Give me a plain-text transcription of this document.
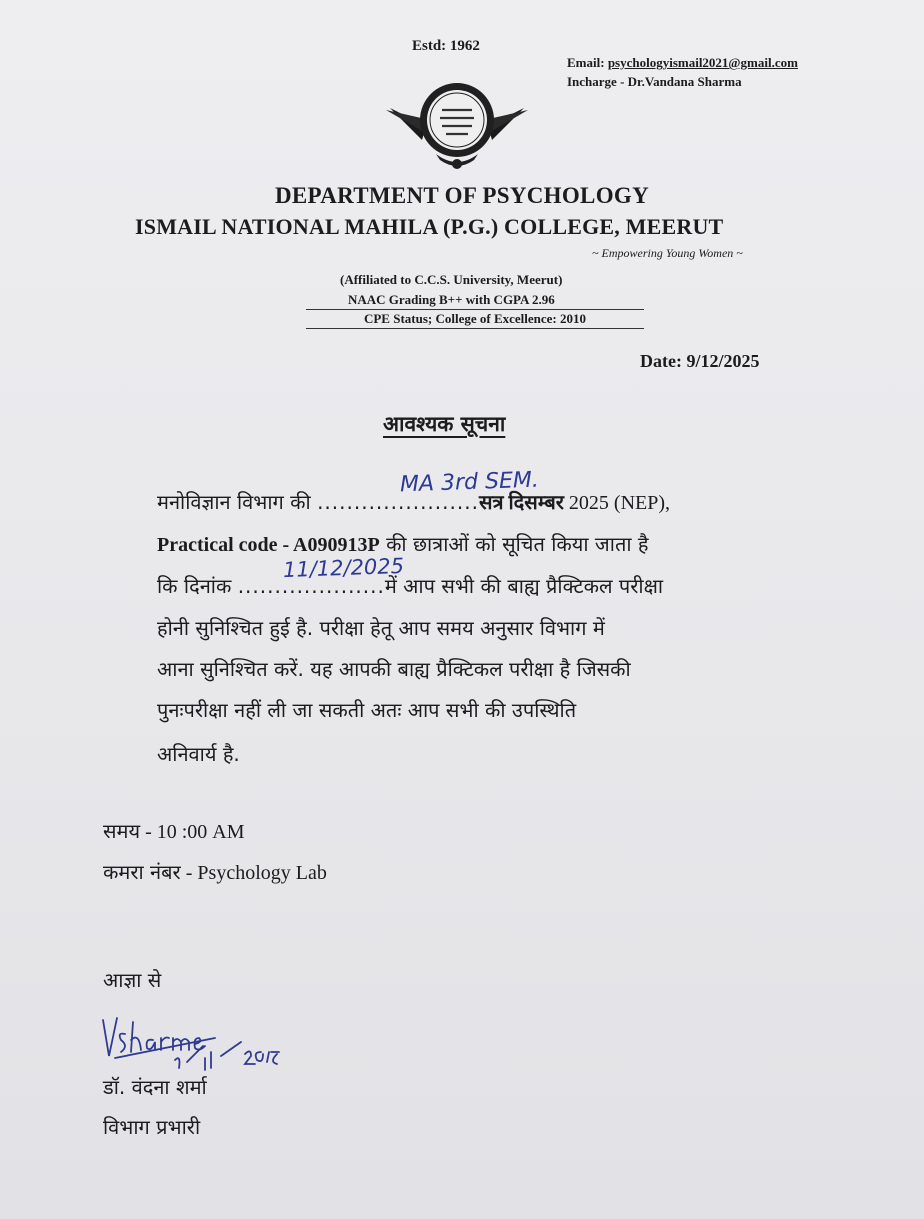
Estd: 1962
Email: psychologyismail2021@gmail.com
Incharge - Dr.Vandana Sharma
DEPARTMENT OF PSYCHOLOGY
ISMAIL NATIONAL MAHILA (P.G.) COLLEGE, MEERUT
~ Empowering Young Women ~
(Affiliated to C.C.S. University, Meerut)
NAAC Grading B++ with CGPA 2.96
CPE Status; College of Excellence: 2010
Date: 9/12/2025
आवश्यक सूचना
मनोविज्ञान विभाग की ......................सत्र दिसम्बर 2025 (NEP),
MA 3rd SEM.
Practical code - A090913P की छात्राओं को सूचित किया जाता है
कि दिनांक ....................में आप सभी की बाह्य प्रैक्टिकल परीक्षा
11/12/2025
होनी सुनिश्चित हुई है. परीक्षा हेतू आप समय अनुसार विभाग में
आना सुनिश्चित करें. यह आपकी बाह्य प्रैक्टिकल परीक्षा है जिसकी
पुनःपरीक्षा नहीं ली जा सकती अतः आप सभी की उपस्थिति
अनिवार्य है.
समय - 10 :00 AM
कमरा नंबर - Psychology Lab
आज्ञा से
डॉ. वंदना शर्मा
विभाग प्रभारी
